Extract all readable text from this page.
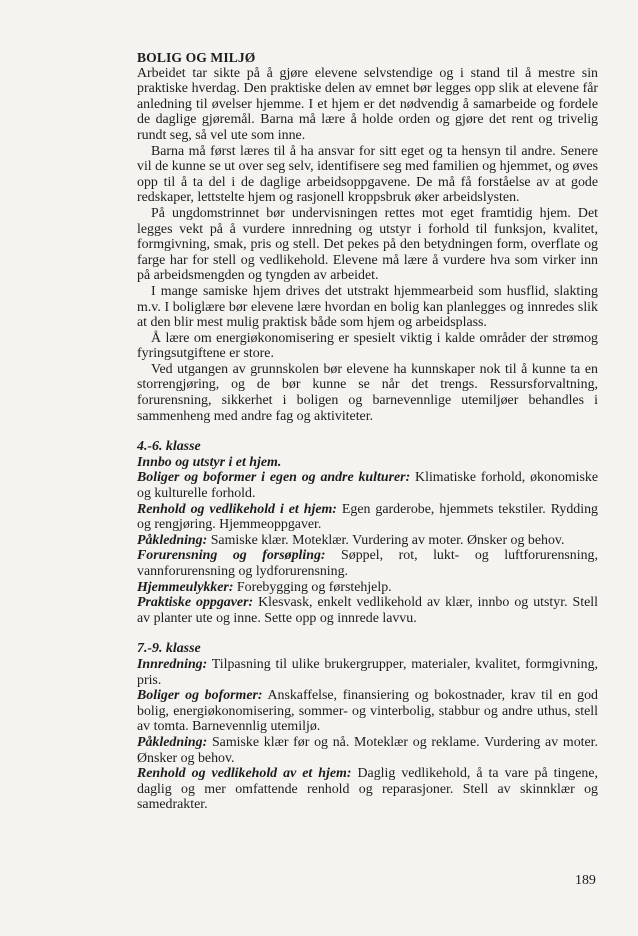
BOLIG OG MILJØ

Arbeidet tar sikte på å gjøre elevene selvstendige og i stand til å mestre sin praktiske hverdag. Den praktiske delen av emnet bør legges opp slik at elevene får anledning til øvelser hjemme. I et hjem er det nødvendig å samarbeide og fordele de daglige gjøremål. Barna må lære å holde orden og gjøre det rent og trivelig rundt seg, så vel ute som inne.

Barna må først læres til å ha ansvar for sitt eget og ta hensyn til andre. Senere vil de kunne se ut over seg selv, identifisere seg med familien og hjemmet, og øves opp til å ta del i de daglige arbeidsoppgavene. De må få forståelse av at gode redskaper, lettstelte hjem og rasjonell kroppsbruk øker arbeidslysten.

På ungdomstrinnet bør undervisningen rettes mot eget framtidig hjem. Det legges vekt på å vurdere innredning og utstyr i forhold til funksjon, kvalitet, formgivning, smak, pris og stell. Det pekes på den betydningen form, overflate og farge har for stell og vedlikehold. Elevene må lære å vurdere hva som virker inn på arbeidsmengden og tyngden av arbeidet.

I mange samiske hjem drives det utstrakt hjemmearbeid som husflid, slakting m.v. I boliglære bør elevene lære hvordan en bolig kan planlegges og innredes slik at den blir mest mulig praktisk både som hjem og arbeidsplass.

Å lære om energiøkonomisering er spesielt viktig i kalde områder der strømog fyringsutgiftene er store.

Ved utgangen av grunnskolen bør elevene ha kunnskaper nok til å kunne ta en storrengjøring, og de bør kunne se når det trengs. Ressursforvaltning, forurensning, sikkerhet i boligen og barnevennlige utemiljøer behandles i sammenheng med andre fag og aktiviteter.

4.-6. klasse

Innbo og utstyr i et hjem.

Boliger og boformer i egen og andre kulturer: Klimatiske forhold, økonomiske og kulturelle forhold.

Renhold og vedlikehold i et hjem: Egen garderobe, hjemmets tekstiler. Rydding og rengjøring. Hjemmeoppgaver.

Påkledning: Samiske klær. Moteklær. Vurdering av moter. Ønsker og behov.

Forurensning og forsøpling: Søppel, rot, lukt- og luftforurensning, vannforurensning og lydforurensning.

Hjemmeulykker: Forebygging og førstehjelp.

Praktiske oppgaver: Klesvask, enkelt vedlikehold av klær, innbo og utstyr. Stell av planter ute og inne. Sette opp og innrede lavvu.

7.-9. klasse

Innredning: Tilpasning til ulike brukergrupper, materialer, kvalitet, formgivning, pris.

Boliger og boformer: Anskaffelse, finansiering og bokostnader, krav til en god bolig, energiøkonomisering, sommer- og vinterbolig, stabbur og andre uthus, stell av tomta. Barnevennlig utemiljø.

Påkledning: Samiske klær før og nå. Moteklær og reklame. Vurdering av moter. Ønsker og behov.

Renhold og vedlikehold av et hjem: Daglig vedlikehold, å ta vare på tingene, daglig og mer omfattende renhold og reparasjoner. Stell av skinnklær og samedrakter.

189
